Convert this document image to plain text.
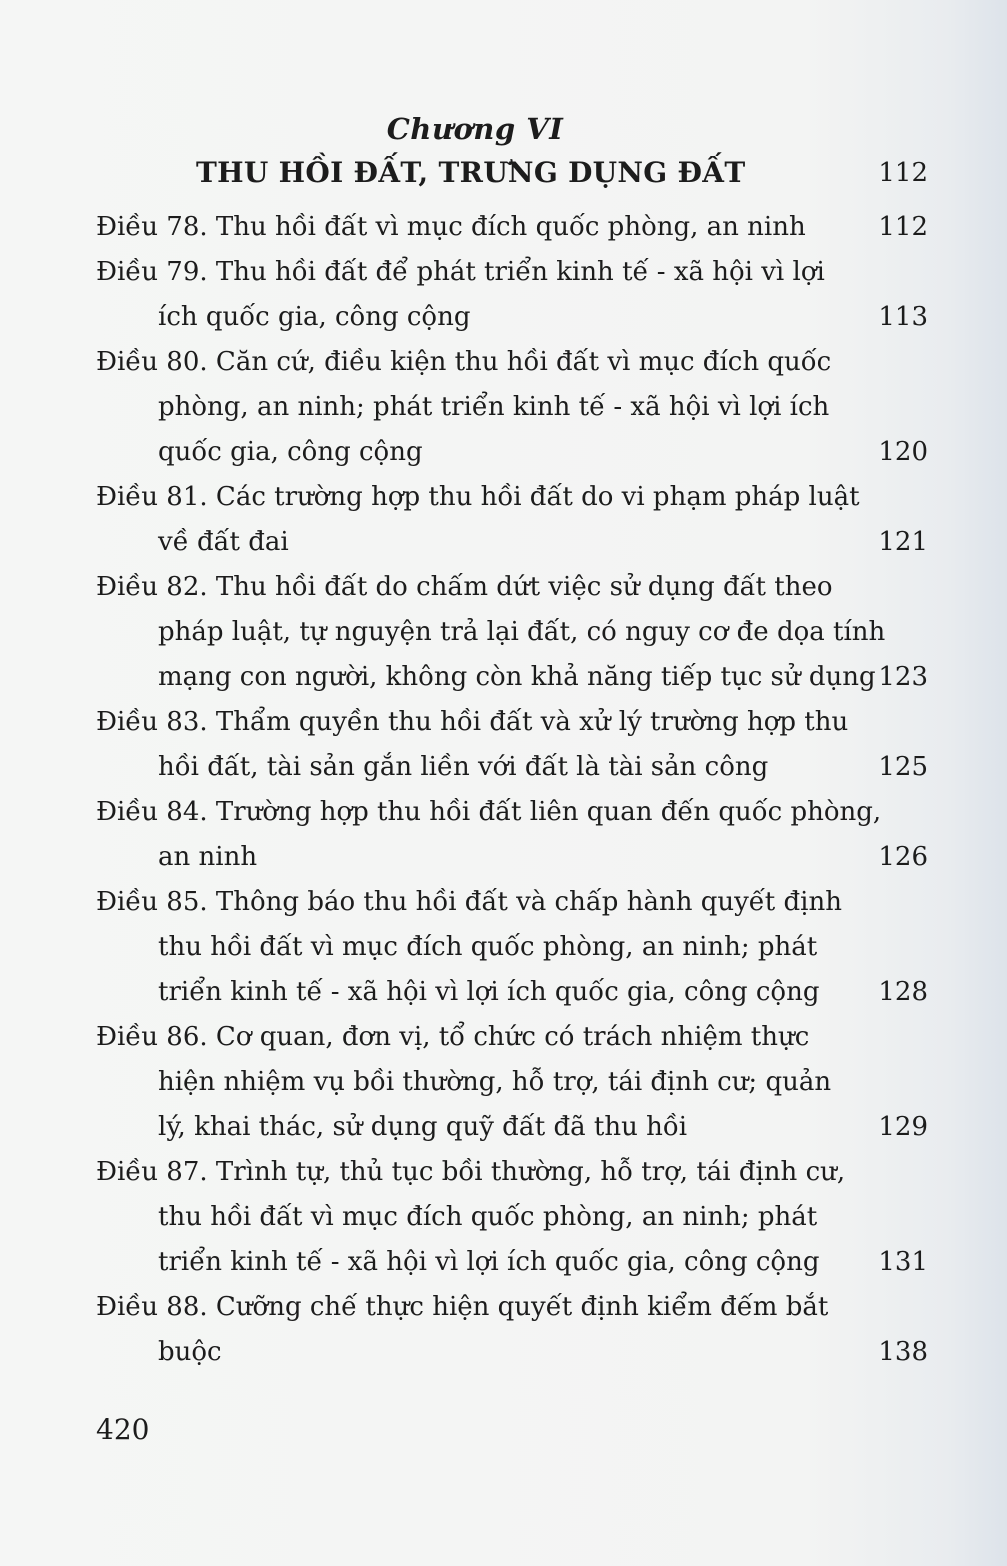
Chương VI
THU HỒI ĐẤT, TRƯNG DỤNG ĐẤT	112
Điều 78. Thu hồi đất vì mục đích quốc phòng, an ninh	112
Điều 79. Thu hồi đất để phát triển kinh tế - xã hội vì lợi
ích quốc gia, công cộng	113
Điều 80. Căn cứ, điều kiện thu hồi đất vì mục đích quốc
phòng, an ninh; phát triển kinh tế - xã hội vì lợi ích
quốc gia, công cộng	120
Điều 81. Các trường hợp thu hồi đất do vi phạm pháp luật
về đất đai	121
Điều 82. Thu hồi đất do chấm dứt việc sử dụng đất theo
pháp luật, tự nguyện trả lại đất, có nguy cơ đe dọa tính
mạng con người, không còn khả năng tiếp tục sử dụng 123
Điều 83. Thẩm quyền thu hồi đất và xử lý trường hợp thu
hồi đất, tài sản gắn liền với đất là tài sản công	125
Điều 84. Trường hợp thu hồi đất liên quan đến quốc phòng,
an ninh	126
Điều 85. Thông báo thu hồi đất và chấp hành quyết định
thu hồi đất vì mục đích quốc phòng, an ninh; phát
triển kinh tế - xã hội vì lợi ích quốc gia, công cộng 128
Điều 86. Cơ quan, đơn vị, tổ chức có trách nhiệm thực
hiện nhiệm vụ bồi thường, hỗ trợ, tái định cư; quản
lý, khai thác, sử dụng quỹ đất đã thu hồi	129
Điều 87. Trình tự, thủ tục bồi thường, hỗ trợ, tái định cư,
thu hồi đất vì mục đích quốc phòng, an ninh; phát
triển kinh tế - xã hội vì lợi ích quốc gia, công cộng 131
Điều 88. Cưỡng chế thực hiện quyết định kiểm đếm bắt
buộc	138
420
